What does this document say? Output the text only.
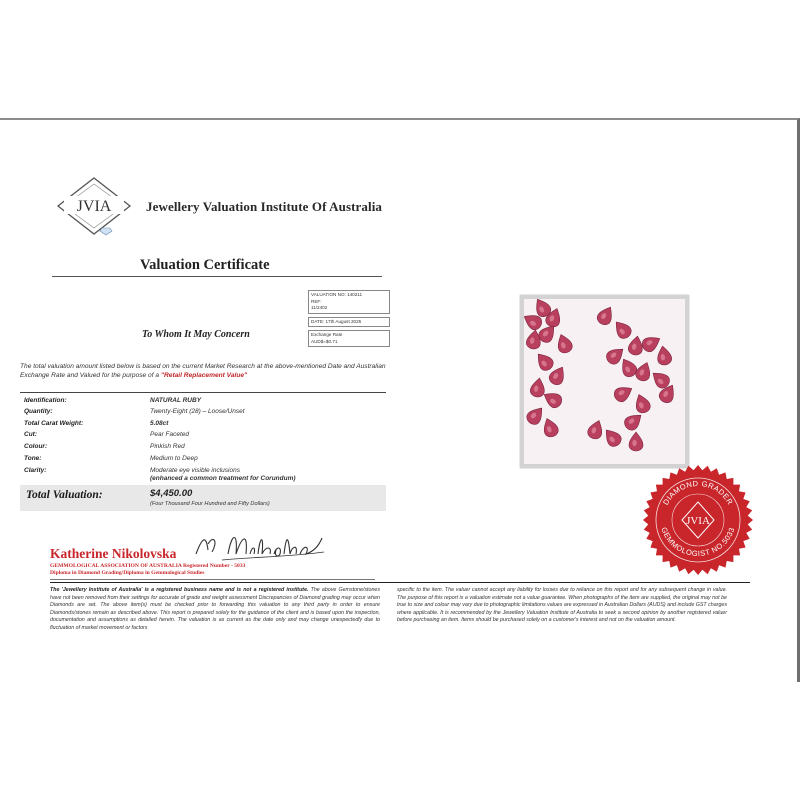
JVIA	Jewellery Valuation Institute Of Australia
Valuation Certificate
VALUATION NO: 140211
REF:
11/2402
DATE: 17th August 2025
Exchange Rate
AUD$=$0.71
To Whom It May Concern
The total valuation amount listed below is based on the current Market Research at the above-mentioned Date and Australian Exchange Rate and Valued for the purpose of a "Retail Replacement Value"
Identification:	NATURAL RUBY
Quantity:	Twenty-Eight (28) – Loose/Unset
Total Carat Weight:	5.08ct
Cut:	Pear Faceted
Colour:	Pinkish Red
Tone:	Medium to Deep
Clarity:	Moderate eye visible inclusions
(enhanced a common treatment for Corundum)
Total Valuation:	$4,450.00
(Four Thousand Four Hundred and Fifty Dollars)
Katherine Nikolovska
GEMMOLOGICAL ASSOCIATION OF AUSTRALIA Registered Number - 5033
Diploma in Diamond Grading/Diploma in Gemmological Studies
DIAMOND GRADER
GEMMOLOGIST NO.5033
JVIA
The 'Jewellery Institute of Australia' is a registered business name and is not a registered institute. The above Gemstone/stones have not been removed from their settings for accurate of grade and weight assessment Discrepancies of Diamond grading may occur when Diamonds are set. The above item(s) must be checked prior to forwarding this valuation to any third party in order to ensure Diamonds/stones remain as described above. This report is prepared solely for the guidance of the client and is based upon the inspection, documentation and assumptions as detailed herein. The valuation is as current as the date only and may change unexpectedly due to fluctuation of market movement or factors
specific to the item. The valuer cannot accept any liability for losses due to reliance on this report and for any subsequent change in value. The purpose of this report is a valuation estimate not a value guarantee. When photographs of the item are supplied, the original may not be true to size and colour may vary due to photographic limitations values are expressed in Australian Dollars (AUDS) and include GST charges where applicable. It is recommended by the Jewellery Valuation Institute of Australia to seek a second opinion by another registered valuer before purchasing an item. Items should be purchased solely on a customer's interest and not on the valuation amount.
